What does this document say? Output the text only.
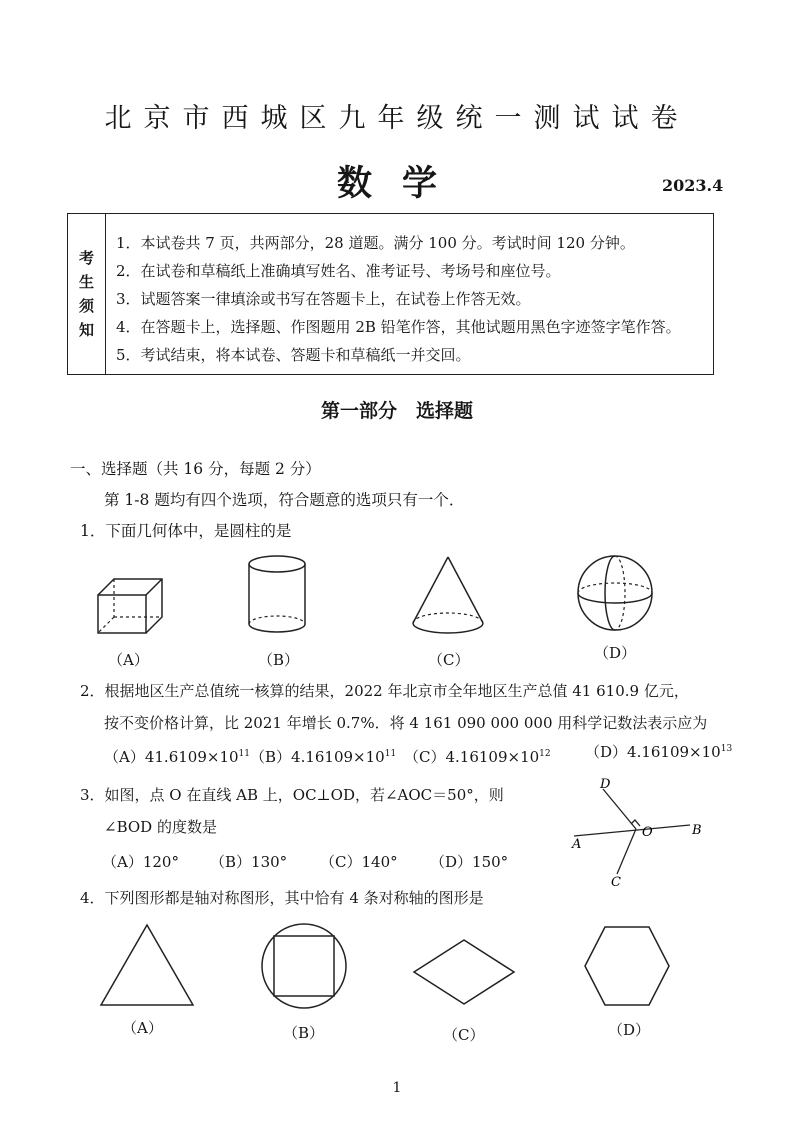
北京市西城区九年级统一测试试卷
数学	2023.4
考
生
须
知
1．本试卷共 7 页，共两部分，28 道题。满分 100 分。考试时间 120 分钟。
2．在试卷和草稿纸上准确填写姓名、准考证号、考场号和座位号。
3．试题答案一律填涂或书写在答题卡上，在试卷上作答无效。
4．在答题卡上，选择题、作图题用 2B 铅笔作答，其他试题用黑色字迹签字笔作答。
5．考试结束，将本试卷、答题卡和草稿纸一并交回。
第一部分　选择题
一、选择题（共 16 分，每题 2 分）
第 1-8 题均有四个选项，符合题意的选项只有一个．
1．下面几何体中，是圆柱的是
（A）	（B）	（C）	（D）
2．根据地区生产总值统一核算的结果，2022 年北京市全年地区生产总值 41 610.9 亿元，
按不变价格计算，比 2021 年增长 0.7%．将 4 161 090 000 000 用科学记数法表示应为
$(A)41.6109\times 10^{11}$ $(B)4.16109\times 10^{11}$ $(C)4.16109\times 10^{12}$ $(D)4.16109\times 10^{13}$
3．如图，点 O 在直线 AB 上，OC⊥OD，若∠AOC＝50°，则
∠BOD 的度数是
（A）120° （B）130° （C）140° （D）150°
D
O	B
A
C
4．下列图形都是轴对称图形，其中恰有 4 条对称轴的图形是
（A）	（B）	（C）	（D）
1
